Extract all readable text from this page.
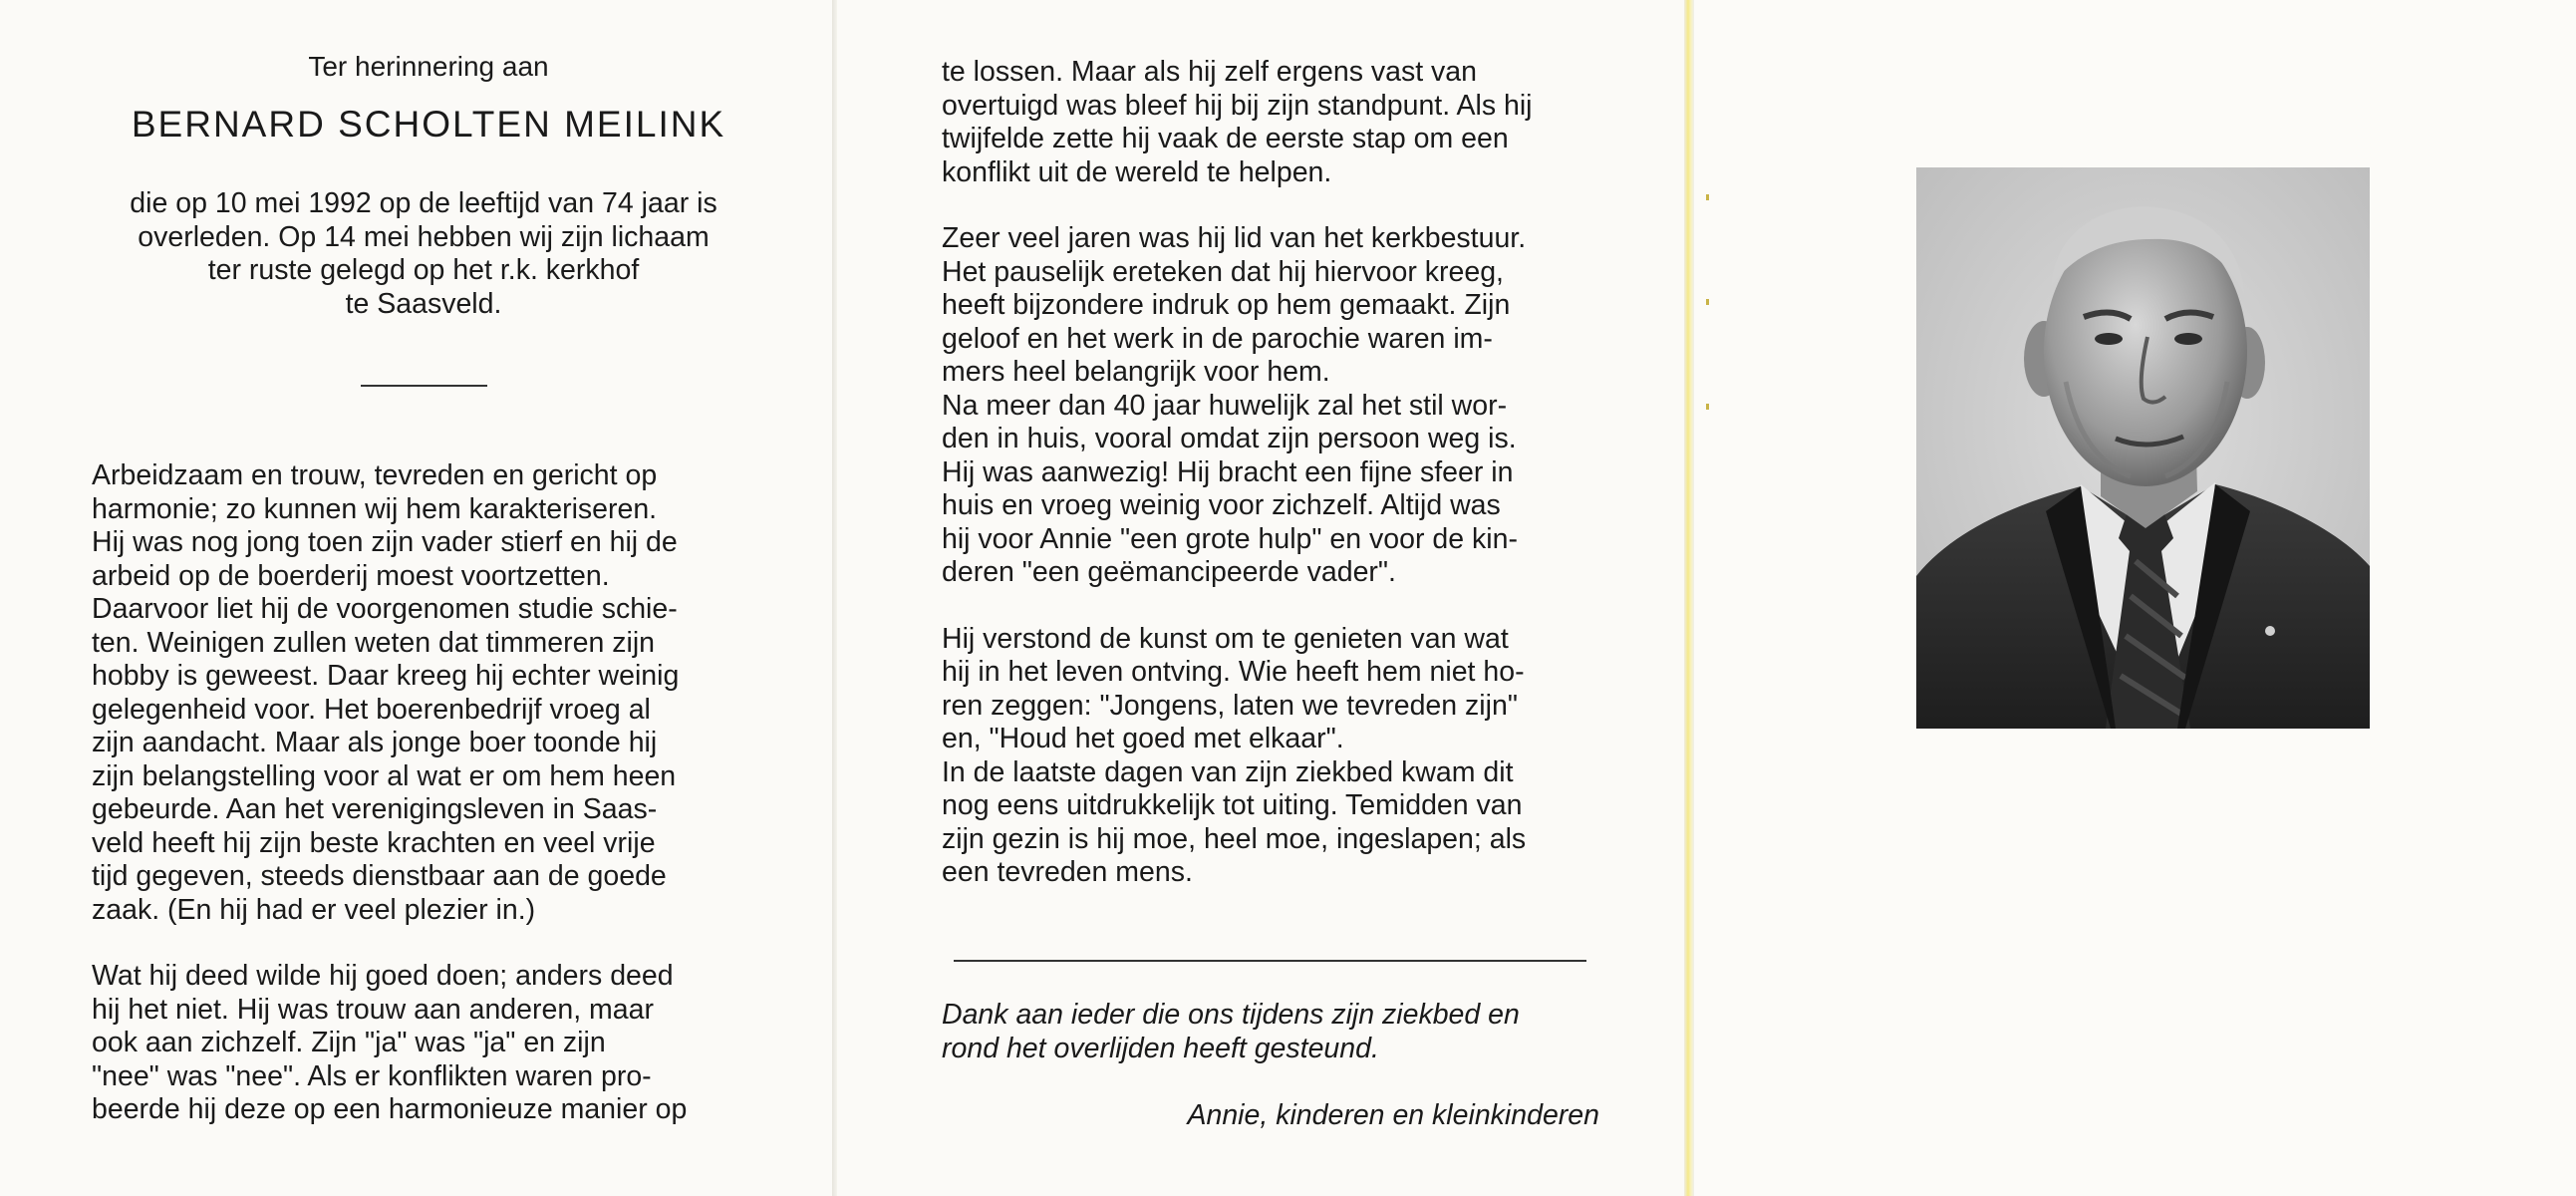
Ter herinnering aan
BERNARD SCHOLTEN MEILINK
die op 10 mei 1992 op de leeftijd van 74 jaar is
overleden. Op 14 mei hebben wij zijn lichaam
ter ruste gelegd op het r.k. kerkhof
te Saasveld.

Arbeidzaam en trouw, tevreden en gericht op

harmonie; zo kunnen wij hem karakteriseren.

Hij was nog jong toen zijn vader stierf en hij de

arbeid op de boerderij moest voortzetten.

Daarvoor liet hij de voorgenomen studie schie-

ten. Weinigen zullen weten dat timmeren zijn

hobby is geweest. Daar kreeg hij echter weinig

gelegenheid voor. Het boerenbedrijf vroeg al

zijn aandacht. Maar als jonge boer toonde hij

zijn belangstelling voor al wat er om hem heen

gebeurde. Aan het verenigingsleven in Saas-

veld heeft hij zijn beste krachten en veel vrije

tijd gegeven, steeds dienstbaar aan de goede

zaak. (En hij had er veel plezier in.)

Wat hij deed wilde hij goed doen; anders deed

hij het niet. Hij was trouw aan anderen, maar

ook aan zichzelf. Zijn "ja" was "ja" en zijn

"nee" was "nee". Als er konflikten waren pro-

beerde hij deze op een harmonieuze manier op

te lossen. Maar als hij zelf ergens vast van

overtuigd was bleef hij bij zijn standpunt. Als hij

twijfelde zette hij vaak de eerste stap om een

konflikt uit de wereld te helpen.

Zeer veel jaren was hij lid van het kerkbestuur.

Het pauselijk ereteken dat hij hiervoor kreeg,

heeft bijzondere indruk op hem gemaakt. Zijn

geloof en het werk in de parochie waren im-

mers heel belangrijk voor hem.

Na meer dan 40 jaar huwelijk zal het stil wor-

den in huis, vooral omdat zijn persoon weg is.

Hij was aanwezig! Hij bracht een fijne sfeer in

huis en vroeg weinig voor zichzelf. Altijd was

hij voor Annie "een grote hulp" en voor de kin-

deren "een geëmancipeerde vader".

Hij verstond de kunst om te genieten van wat

hij in het leven ontving. Wie heeft hem niet ho-

ren zeggen: "Jongens, laten we tevreden zijn"

en, "Houd het goed met elkaar".

In de laatste dagen van zijn ziekbed kwam dit

nog eens uitdrukkelijk tot uiting. Temidden van

zijn gezin is hij moe, heel moe, ingeslapen; als

een tevreden mens.

Dank aan ieder die ons tijdens zijn ziekbed en
rond het overlijden heeft gesteund.
Annie, kinderen en kleinkinderen
